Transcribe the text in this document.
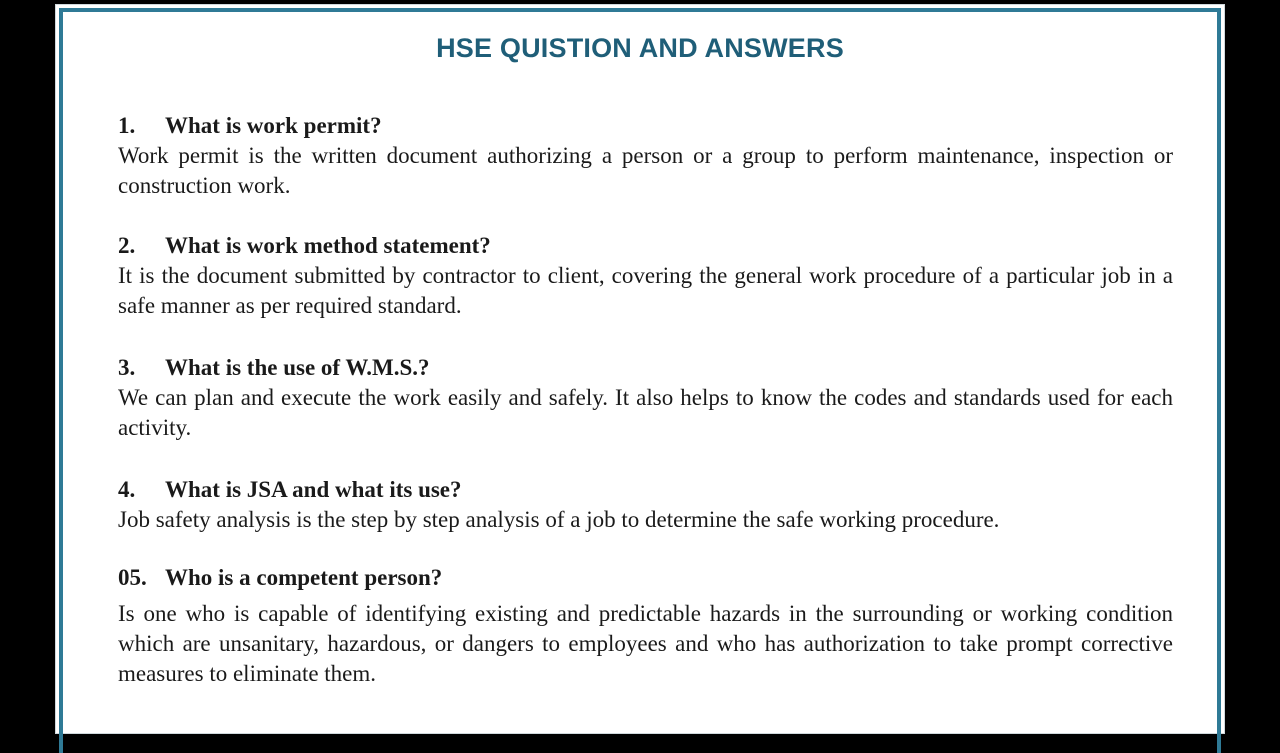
HSE QUISTION AND ANSWERS
1.	What is work permit?
Work permit is the written document authorizing a person or a group to perform maintenance, inspection or construction work.
2.	What is work method statement?
It is the document submitted by contractor to client, covering the general work procedure of a particular job in a safe manner as per required standard.
3.	What is the use of W.M.S.?
We can plan and execute the work easily and safely. It also helps to know the codes and standards used for each activity.
4.	What is JSA and what its use?
Job safety analysis is the step by step analysis of a job to determine the safe working procedure.
05. Who is a competent person?
Is one who is capable of identifying existing and predictable hazards in the surrounding or working condition which are unsanitary, hazardous, or dangers to employees and who has authorization to take prompt corrective measures to eliminate them.
